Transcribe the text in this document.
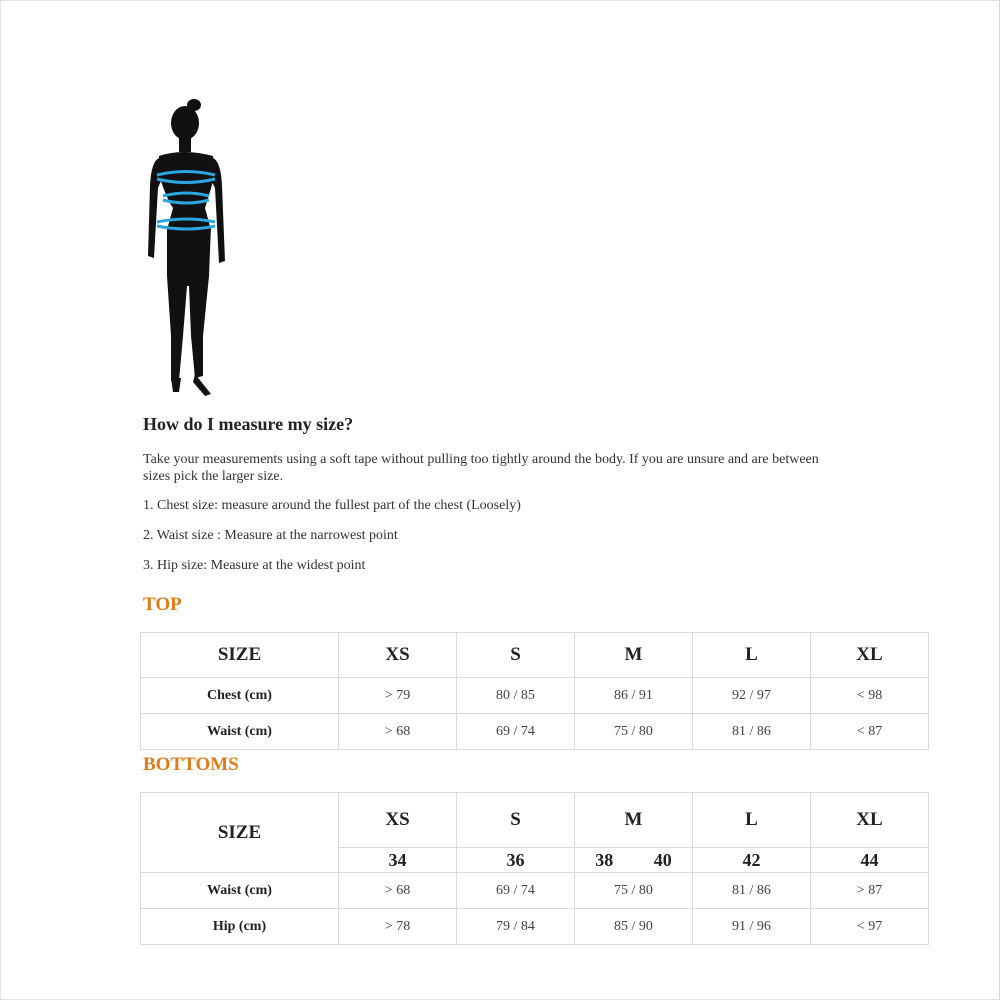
How do I measure my size?

Take your measurements using a soft tape without pulling too tightly around the body. If you are unsure and are between sizes pick the larger size.

1. Chest size: measure around the fullest part of the chest (Loosely)

2. Waist size : Measure at the narrowest point

3. Hip size: Measure at the widest point

TOP
SIZE	XS	S	M	L	XL
Chest (cm)	> 79	80 / 85	86 / 91	92 / 97	< 98
Waist (cm)	> 68	69 / 74	75 / 80	81 / 86	< 87
BOTTOMS
SIZE	XS	S	M	L	XL
	34	36	38 40	42	44
Waist (cm)	> 68	69 / 74	75 / 80	81 / 86	> 87
Hip (cm)	> 78	79 / 84	85 / 90	91 / 96	< 97
